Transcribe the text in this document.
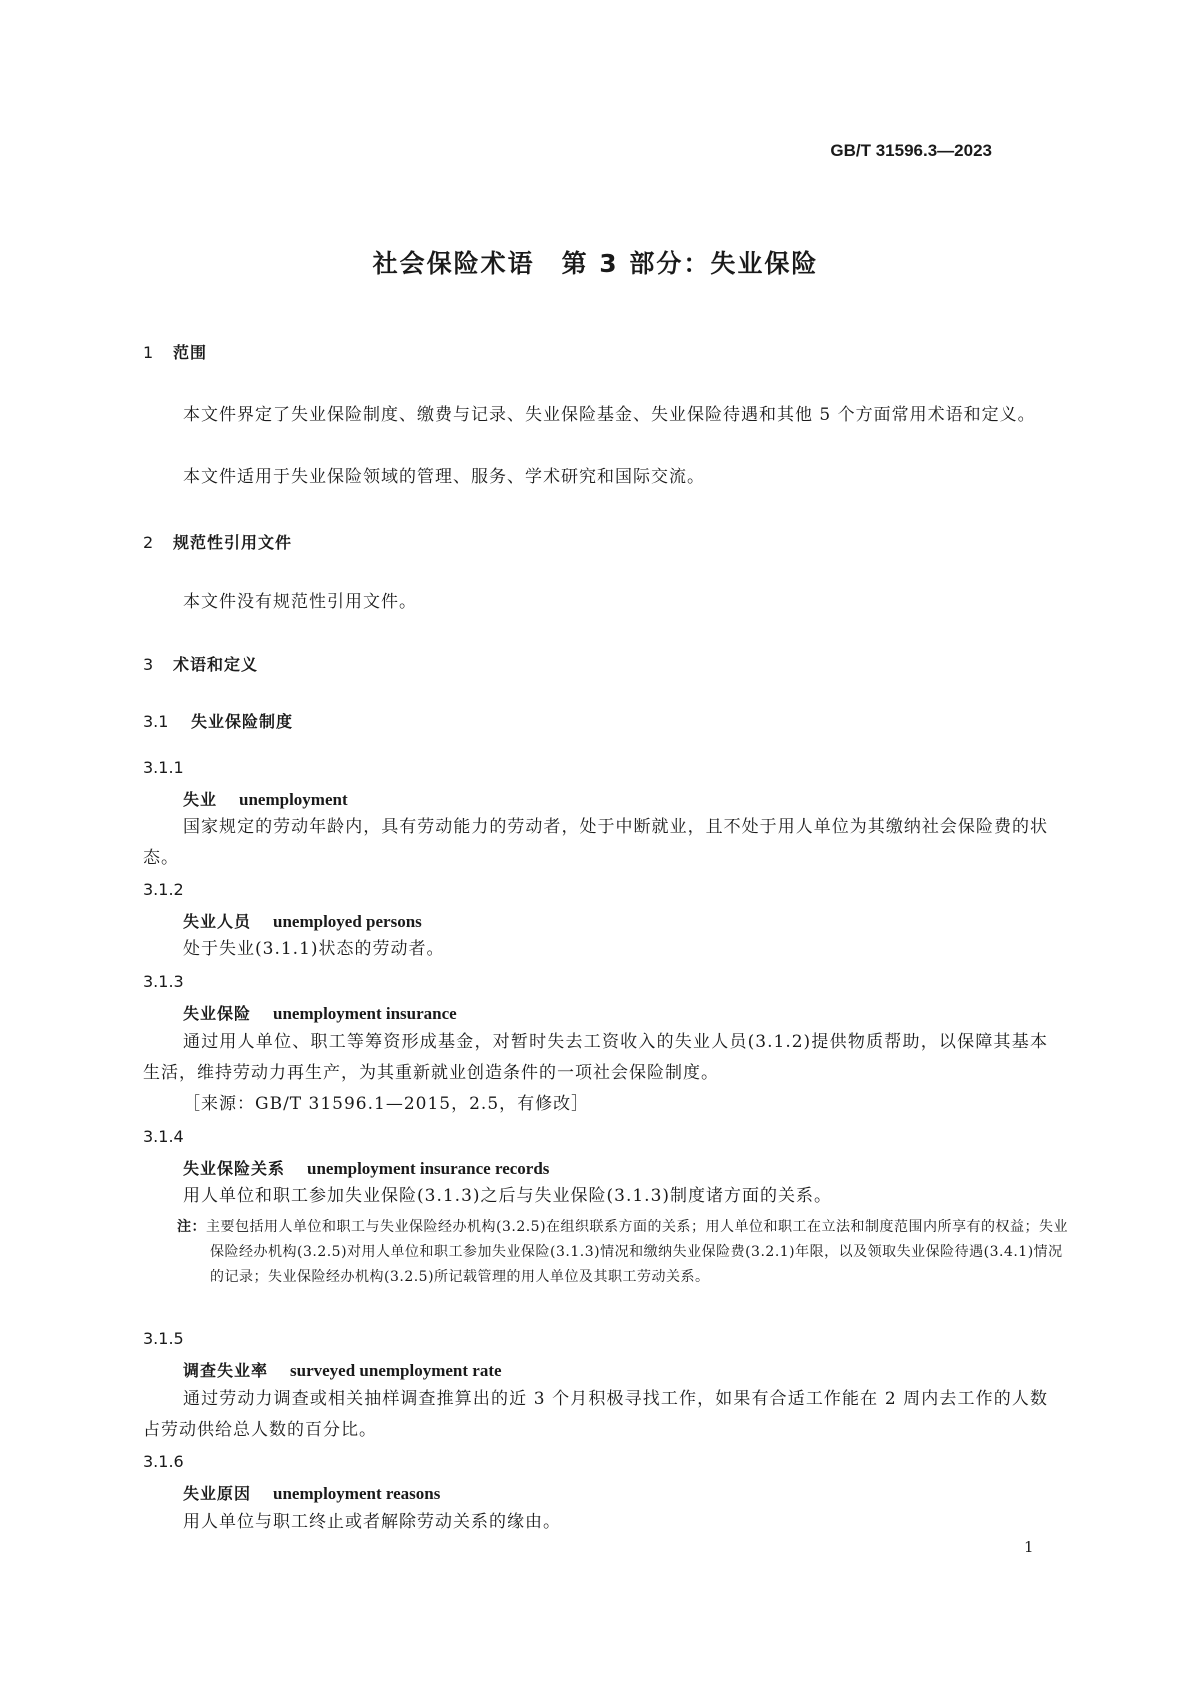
GB/T 31596.3—2023
社会保险术语　第 3 部分：失业保险
1 范围
本文件界定了失业保险制度、缴费与记录、失业保险基金、失业保险待遇和其他 5 个方面常用术语和定义。
本文件适用于失业保险领域的管理、服务、学术研究和国际交流。
2 规范性引用文件
本文件没有规范性引用文件。
3 术语和定义
3.1 失业保险制度
3.1.1
失业 unemployment
国家规定的劳动年龄内，具有劳动能力的劳动者，处于中断就业，且不处于用人单位为其缴纳社会保险费的状态。
3.1.2
失业人员 unemployed persons
处于失业(3.1.1)状态的劳动者。
3.1.3
失业保险 unemployment insurance
通过用人单位、职工等筹资形成基金，对暂时失去工资收入的失业人员(3.1.2)提供物质帮助，以保障其基本生活，维持劳动力再生产，为其重新就业创造条件的一项社会保险制度。
［来源：GB/T 31596.1—2015，2.5，有修改］
3.1.4
失业保险关系 unemployment insurance records
用人单位和职工参加失业保险(3.1.3)之后与失业保险(3.1.3)制度诸方面的关系。
注：主要包括用人单位和职工与失业保险经办机构(3.2.5)在组织联系方面的关系；用人单位和职工在立法和制度范围内所享有的权益；失业保险经办机构(3.2.5)对用人单位和职工参加失业保险(3.1.3)情况和缴纳失业保险费(3.2.1)年限，以及领取失业保险待遇(3.4.1)情况的记录；失业保险经办机构(3.2.5)所记载管理的用人单位及其职工劳动关系。
3.1.5
调查失业率 surveyed unemployment rate
通过劳动力调查或相关抽样调查推算出的近 3 个月积极寻找工作，如果有合适工作能在 2 周内去工作的人数占劳动供给总人数的百分比。
3.1.6
失业原因 unemployment reasons
用人单位与职工终止或者解除劳动关系的缘由。
1
